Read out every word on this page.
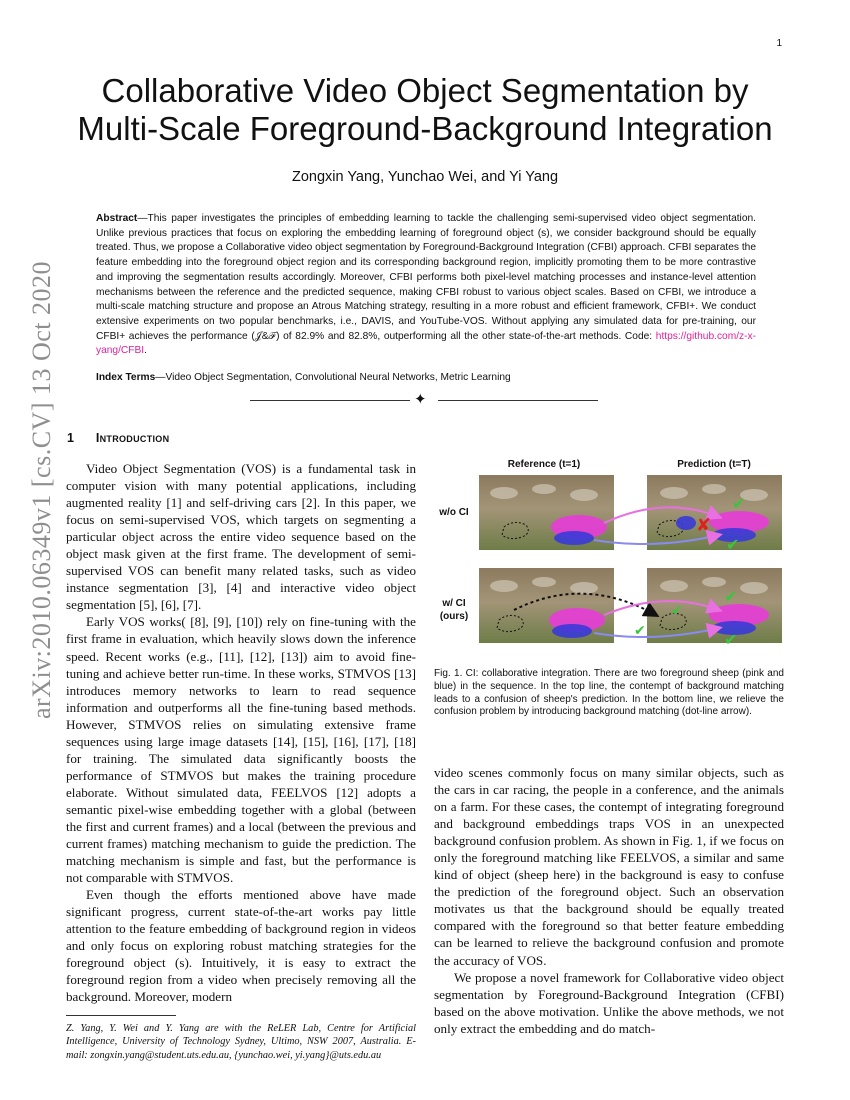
1
arXiv:2010.06349v1 [cs.CV] 13 Oct 2020
Collaborative Video Object Segmentation by
Multi-Scale Foreground-Background Integration
Zongxin Yang, Yunchao Wei, and Yi Yang
Abstract—This paper investigates the principles of embedding learning to tackle the challenging semi-supervised video object segmentation. Unlike previous practices that focus on exploring the embedding learning of foreground object (s), we consider background should be equally treated. Thus, we propose a Collaborative video object segmentation by Foreground-Background Integration (CFBI) approach. CFBI separates the feature embedding into the foreground object region and its corresponding background region, implicitly promoting them to be more contrastive and improving the segmentation results accordingly. Moreover, CFBI performs both pixel-level matching processes and instance-level attention mechanisms between the reference and the predicted sequence, making CFBI robust to various object scales. Based on CFBI, we introduce a multi-scale matching structure and propose an Atrous Matching strategy, resulting in a more robust and efficient framework, CFBI+. We conduct extensive experiments on two popular benchmarks, i.e., DAVIS, and YouTube-VOS. Without applying any simulated data for pre-training, our CFBI+ achieves the performance (𝒥&ℱ) of 82.9% and 82.8%, outperforming all the other state-of-the-art methods. Code: https://github.com/z-x-yang/CFBI.
Index Terms—Video Object Segmentation, Convolutional Neural Networks, Metric Learning
✦
1 Introduction

Video Object Segmentation (VOS) is a fundamental task in computer vision with many potential applications, including augmented reality [1] and self-driving cars [2]. In this paper, we focus on semi-supervised VOS, which targets on segmenting a particular object across the entire video sequence based on the object mask given at the first frame. The development of semi-supervised VOS can benefit many related tasks, such as video instance segmentation [3], [4] and interactive video object segmentation [5], [6], [7].

Early VOS works( [8], [9], [10]) rely on fine-tuning with the first frame in evaluation, which heavily slows down the inference speed. Recent works (e.g., [11], [12], [13]) aim to avoid fine-tuning and achieve better run-time. In these works, STMVOS [13] introduces memory networks to learn to read sequence information and outperforms all the fine-tuning based methods. However, STMVOS relies on simulating extensive frame sequences using large image datasets [14], [15], [16], [17], [18] for training. The simulated data significantly boosts the performance of STMVOS but makes the training procedure elaborate. Without simulated data, FEELVOS [12] adopts a semantic pixel-wise embedding together with a global (between the first and current frames) and a local (between the previous and current frames) matching mechanism to guide the prediction. The matching mechanism is simple and fast, but the performance is not comparable with STMVOS.

Even though the efforts mentioned above have made significant progress, current state-of-the-art works pay little attention to the feature embedding of background region in videos and only focus on exploring robust matching strategies for the foreground object (s). Intuitively, it is easy to extract the foreground region from a video when precisely removing all the background. Moreover, modern

Z. Yang, Y. Wei and Y. Yang are with the ReLER Lab, Centre for Artificial Intelligence, University of Technology Sydney, Ultimo, NSW 2007, Australia. E-mail: zongxin.yang@student.uts.edu.au, {yunchao.wei, yi.yang}@uts.edu.au
Reference (t=1)	Prediction (t=T)
w/o CI
w/ CI
(ours)
✘
✔
✔
✔
✔
✔
✔
Fig. 1. CI: collaborative integration. There are two foreground sheep (pink and blue) in the sequence. In the top line, the contempt of background matching leads to a confusion of sheep's prediction. In the bottom line, we relieve the confusion problem by introducing background matching (dot-line arrow).

video scenes commonly focus on many similar objects, such as the cars in car racing, the people in a conference, and the animals on a farm. For these cases, the contempt of integrating foreground and background embeddings traps VOS in an unexpected background confusion problem. As shown in Fig. 1, if we focus on only the foreground matching like FEELVOS, a similar and same kind of object (sheep here) in the background is easy to confuse the prediction of the foreground object. Such an observation motivates us that the background should be equally treated compared with the foreground so that better feature embedding can be learned to relieve the background confusion and promote the accuracy of VOS.

We propose a novel framework for Collaborative video object segmentation by Foreground-Background Integration (CFBI) based on the above motivation. Unlike the above methods, we not only extract the embedding and do match-
